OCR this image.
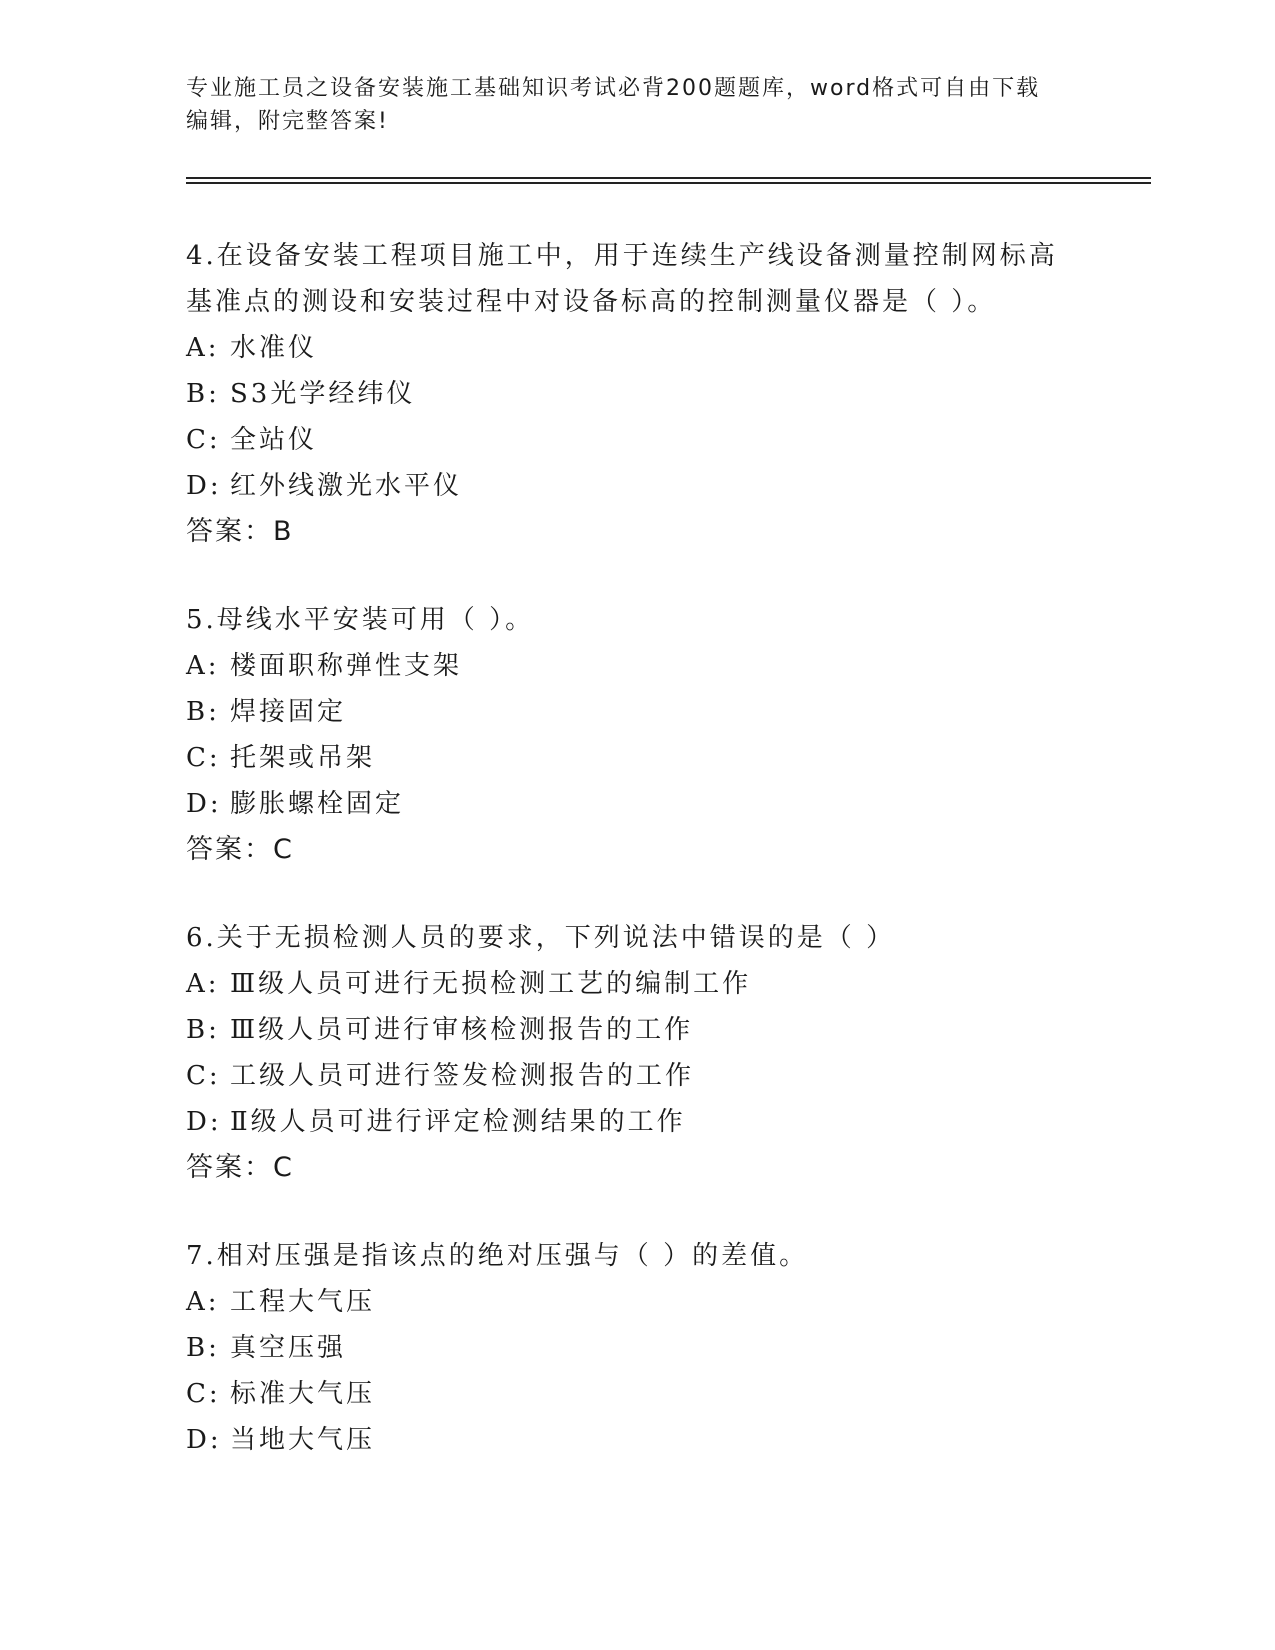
专业施工员之设备安装施工基础知识考试必背200题题库，word格式可自由下载
编辑，附完整答案!

4.在设备安装工程项目施工中，用于连续生产线设备测量控制网标高

基准点的测设和安装过程中对设备标高的控制测量仪器是（ ）。

A: 水准仪

B: S3光学经纬仪

C: 全站仪

D: 红外线激光水平仪

答案：B

5.母线水平安装可用（ ）。

A: 楼面职称弹性支架

B: 焊接固定

C: 托架或吊架

D: 膨胀螺栓固定

答案：C

6.关于无损检测人员的要求，下列说法中错误的是（ ）

A: Ⅲ级人员可进行无损检测工艺的编制工作

B: Ⅲ级人员可进行审核检测报告的工作

C: 工级人员可进行签发检测报告的工作

D: Ⅱ级人员可进行评定检测结果的工作

答案：C

7.相对压强是指该点的绝对压强与（ ）的差值。

A: 工程大气压

B: 真空压强

C: 标准大气压

D: 当地大气压
